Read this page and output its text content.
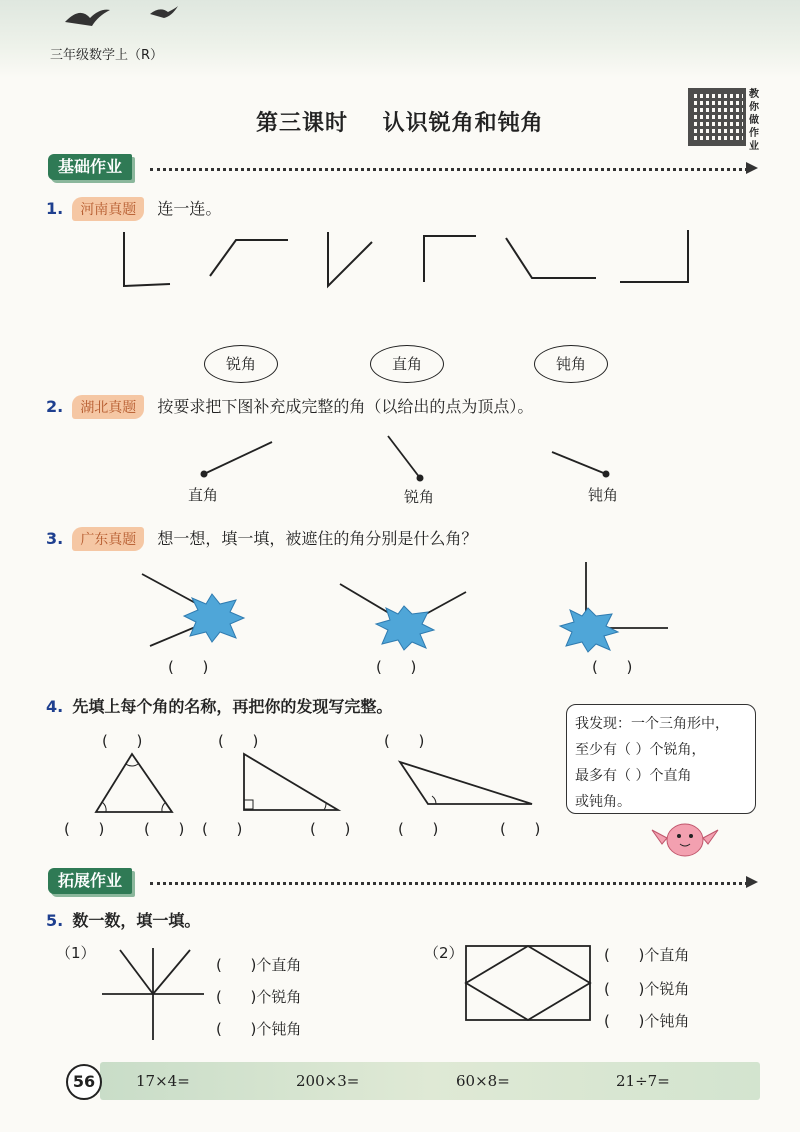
三年级数学上（R）
第三课时    认识锐角和钝角
教你做作业
基础作业
1. 河南真题 连一连。
锐角	直角	钝角
2. 湖北真题 按要求把下图补充成完整的角（以给出的点为顶点）。
直角	锐角	钝角
3. 广东真题 想一想，填一填，被遮住的角分别是什么角？
(      )	(      )	(      )
4. 先填上每个角的名称，再把你的发现写完整。
(      )	(      )	(      )
(      )	(      ) (      )	(      )	(      )	(      )
我发现：一个三角形中，
至少有（ ）个锐角，
最多有（ ）个直角
或钝角。
拓展作业
5. 数一数，填一填。
（1）
(      )个直角
(      )个锐角
(      )个钝角
（2）	(      )个直角
(      )个锐角
(      )个钝角
56	17×4=	200×3=	60×8=	21÷7=
